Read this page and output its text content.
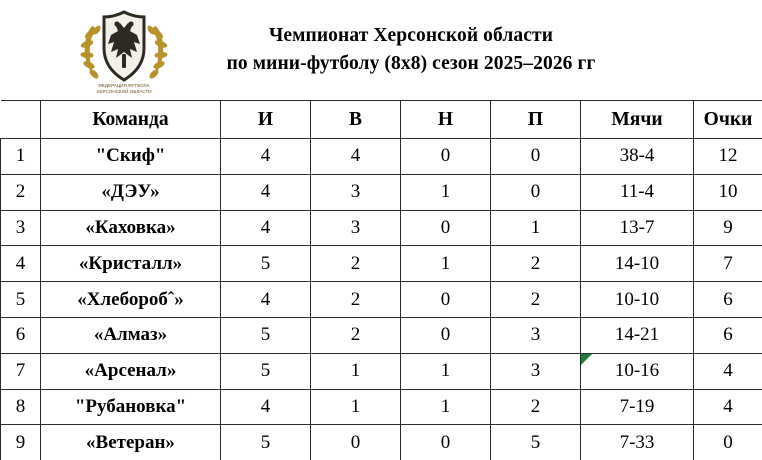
ФЕДЕРАЦИЯ ФУТБОЛА
ХЕРСОНСКОЙ ОБЛАСТИ
Чемпионат Херсонской области
по мини-футболу (8х8) сезон 2025–2026 гг
	Команда	И	В	Н	П	Мячи	Очки
1	"Скиф"	4	4	0	0	38-4	12
2	«ДЭУ»	4	3	1	0	11-4	10
3	«Каховка»	4	3	0	1	13-7	9
4	«Кристалл»	5	2	1	2	14-10	7
5	«Хлеборобˆ»	4	2	0	2	10-10	6
6	«Алмаз»	5	2	0	3	14-21	6
7	«Арсенал»	5	1	1	3	10-16	4
8	"Рубановка"	4	1	1	2	7-19	4
9	«Ветеран»	5	0	0	5	7-33	0
